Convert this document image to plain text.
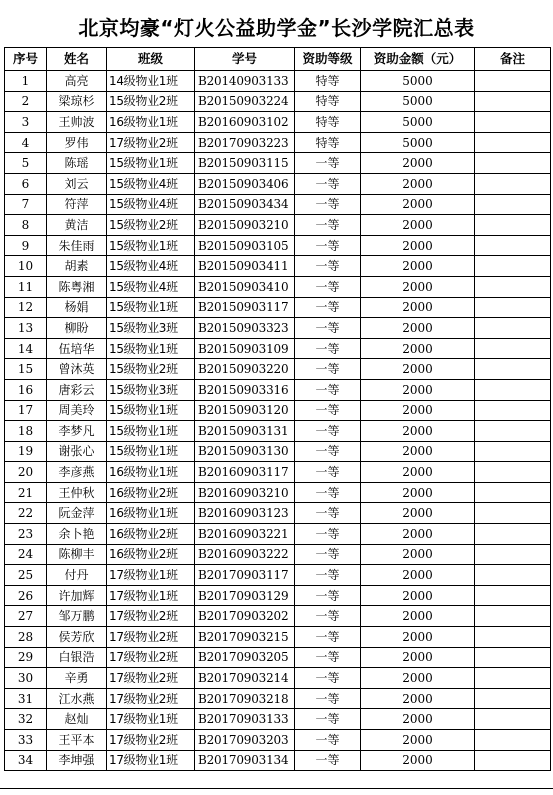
北京均豪“灯火公益助学金”长沙学院汇总表
序号	姓名	班级	学号	资助等级	资助金额（元）	备注
1	高亮	14级物业1班	B20140903133	特等	5000	
2	梁琼杉	15级物业2班	B20150903224	特等	5000	
3	王帅波	16级物业1班	B20160903102	特等	5000	
4	罗伟	17级物业2班	B20170903223	特等	5000	
5	陈瑶	15级物业1班	B20150903115	一等	2000	
6	刘云	15级物业4班	B20150903406	一等	2000	
7	符萍	15级物业4班	B20150903434	一等	2000	
8	黄洁	15级物业2班	B20150903210	一等	2000	
9	朱佳雨	15级物业1班	B20150903105	一等	2000	
10	胡素	15级物业4班	B20150903411	一等	2000	
11	陈粤湘	15级物业4班	B20150903410	一等	2000	
12	杨娟	15级物业1班	B20150903117	一等	2000	
13	柳盼	15级物业3班	B20150903323	一等	2000	
14	伍培华	15级物业1班	B20150903109	一等	2000	
15	曾沐英	15级物业2班	B20150903220	一等	2000	
16	唐彩云	15级物业3班	B20150903316	一等	2000	
17	周美玲	15级物业1班	B20150903120	一等	2000	
18	李梦凡	15级物业1班	B20150903131	一等	2000	
19	谢张心	15级物业1班	B20150903130	一等	2000	
20	李彦燕	16级物业1班	B20160903117	一等	2000	
21	王仲秋	16级物业2班	B20160903210	一等	2000	
22	阮金萍	16级物业1班	B20160903123	一等	2000	
23	余卜艳	16级物业2班	B20160903221	一等	2000	
24	陈柳丰	16级物业2班	B20160903222	一等	2000	
25	付丹	17级物业1班	B20170903117	一等	2000	
26	许加辉	17级物业1班	B20170903129	一等	2000	
27	邹万鹏	17级物业2班	B20170903202	一等	2000	
28	侯芳欣	17级物业2班	B20170903215	一等	2000	
29	白银浩	17级物业2班	B20170903205	一等	2000	
30	辛勇	17级物业2班	B20170903214	一等	2000	
31	江水燕	17级物业2班	B20170903218	一等	2000	
32	赵灿	17级物业1班	B20170903133	一等	2000	
33	王平本	17级物业2班	B20170903203	一等	2000	
34	李坤强	17级物业1班	B20170903134	一等	2000	
